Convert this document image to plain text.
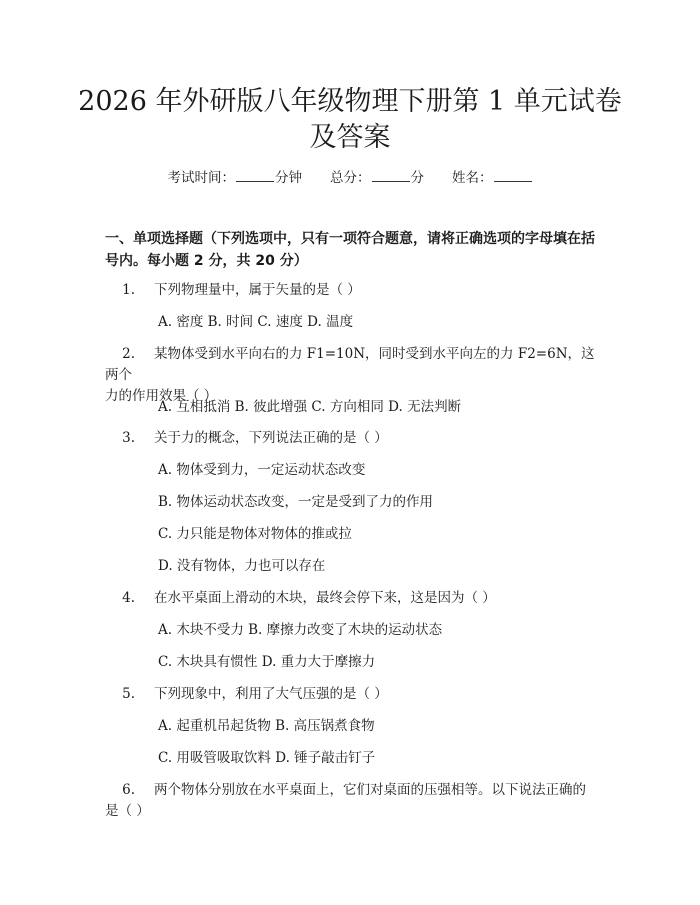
2026 年外研版八年级物理下册第 1 单元试卷
及答案
考试时间：	分钟 总分：	分 姓名：
一、单项选择题（下列选项中，只有一项符合题意，请将正确选项的字母填在括
号内。每小题 2 分，共 20 分）
1. 下列物理量中，属于矢量的是（ ）
A. 密度 B. 时间 C. 速度 D. 温度
2. 某物体受到水平向右的力 F1=10N，同时受到水平向左的力 F2=6N，这两个
力的作用效果（ ）
A. 互相抵消 B. 彼此增强 C. 方向相同 D. 无法判断
3. 关于力的概念，下列说法正确的是（ ）
A. 物体受到力，一定运动状态改变
B. 物体运动状态改变，一定是受到了力的作用
C. 力只能是物体对物体的推或拉
D. 没有物体，力也可以存在
4. 在水平桌面上滑动的木块，最终会停下来，这是因为（ ）
A. 木块不受力 B. 摩擦力改变了木块的运动状态
C. 木块具有惯性 D. 重力大于摩擦力
5. 下列现象中，利用了大气压强的是（ ）
A. 起重机吊起货物 B. 高压锅煮食物
C. 用吸管吸取饮料 D. 锤子敲击钉子
6. 两个物体分别放在水平桌面上，它们对桌面的压强相等。以下说法正确的
是（ ）
